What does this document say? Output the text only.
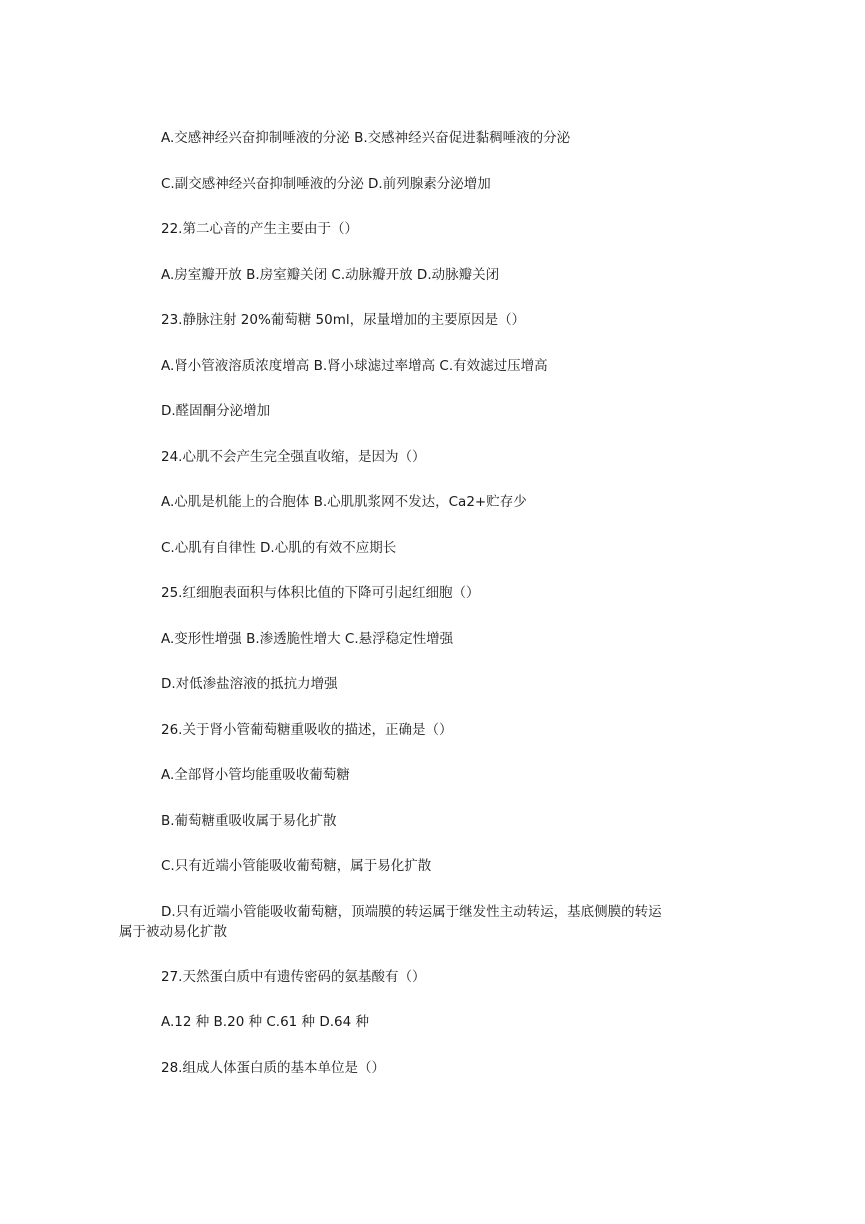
A.交感神经兴奋抑制唾液的分泌 B.交感神经兴奋促进黏稠唾液的分泌

C.副交感神经兴奋抑制唾液的分泌 D.前列腺素分泌增加

22.第二心音的产生主要由于（）

A.房室瓣开放 B.房室瓣关闭 C.动脉瓣开放 D.动脉瓣关闭

23.静脉注射 20%葡萄糖 50ml，尿量增加的主要原因是（）

A.肾小管液溶质浓度增高 B.肾小球滤过率增高 C.有效滤过压增高

D.醛固酮分泌增加

24.心肌不会产生完全强直收缩，是因为（）

A.心肌是机能上的合胞体 B.心肌肌浆网不发达，Ca2+贮存少

C.心肌有自律性 D.心肌的有效不应期长

25.红细胞表面积与体积比值的下降可引起红细胞（）

A.变形性增强 B.渗透脆性增大 C.悬浮稳定性增强

D.对低渗盐溶液的抵抗力增强

26.关于肾小管葡萄糖重吸收的描述，正确是（）

A.全部肾小管均能重吸收葡萄糖

B.葡萄糖重吸收属于易化扩散

C.只有近端小管能吸收葡萄糖，属于易化扩散

D.只有近端小管能吸收葡萄糖，顶端膜的转运属于继发性主动转运，基底侧膜的转运
属于被动易化扩散

27.天然蛋白质中有遗传密码的氨基酸有（）

A.12 种 B.20 种 C.61 种 D.64 种

28.组成人体蛋白质的基本单位是（）
